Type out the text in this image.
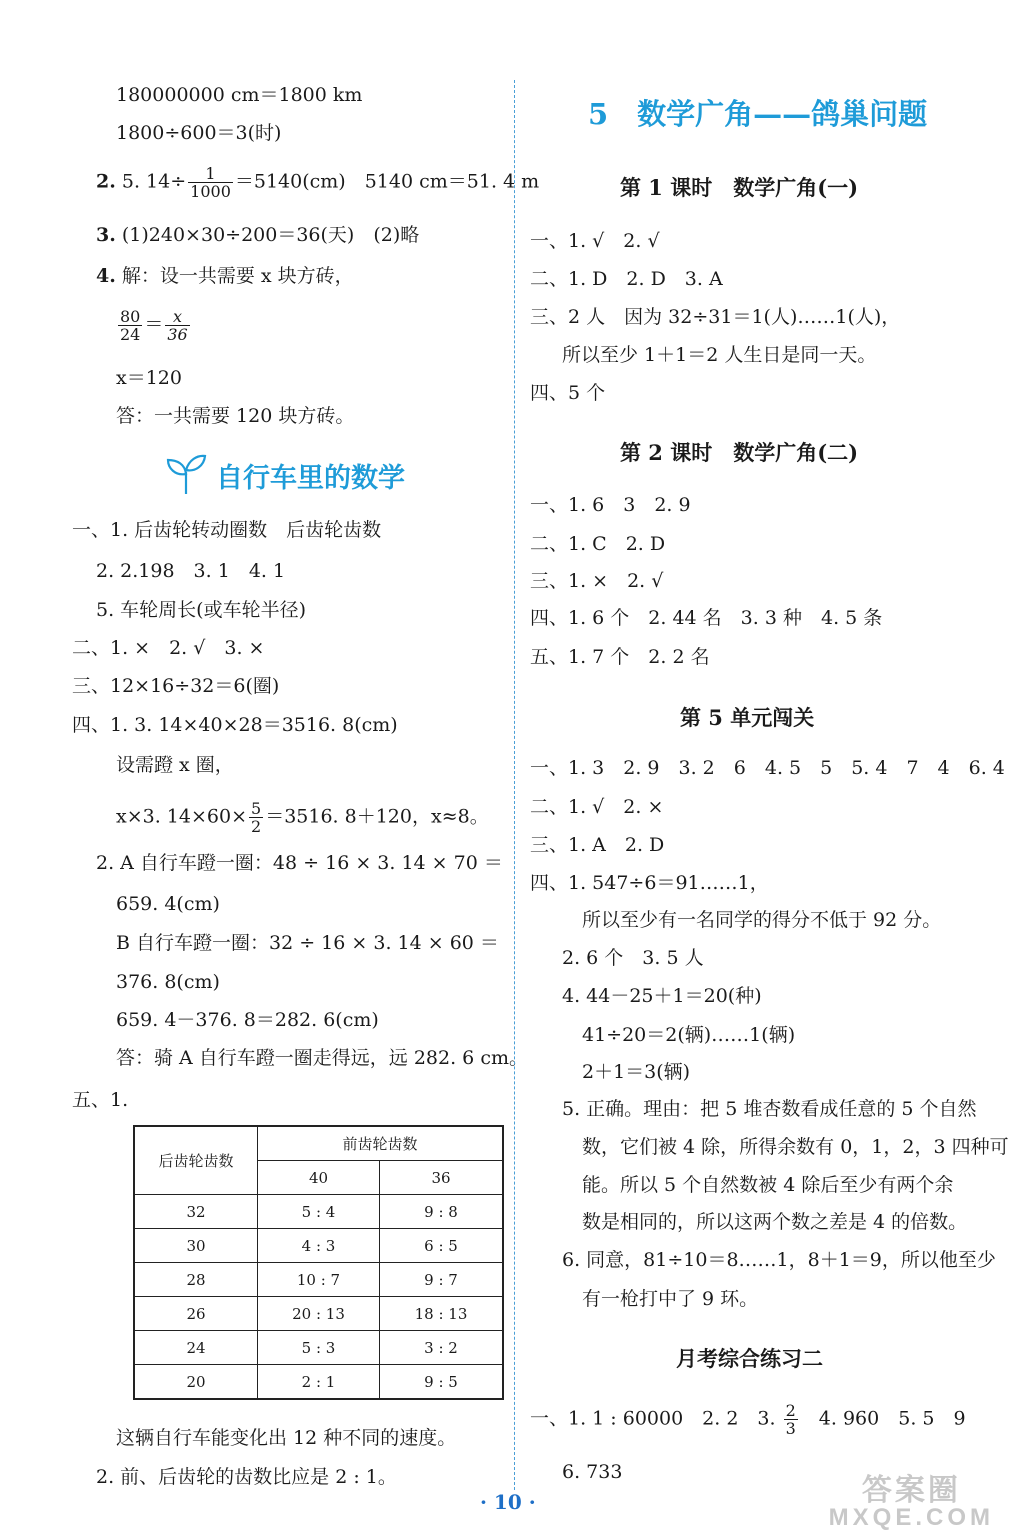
180000000 cm＝1800 km
1800÷600＝3(时)
2. 5. $14\div \frac{1}{1000} =5140(cm)$　5140 cm＝51. 4 m
3. (1)240×30÷200＝36(天)　(2)略
4. 解：设一共需要 x 块方砖，
$\frac{80}{24} = \frac{x}{36}$
x＝120
答：一共需要 120 块方砖。
自行车里的数学
一、1. 后齿轮转动圈数　后齿轮齿数
2. 2.198　3. 1　4. 1
5. 车轮周长(或车轮半径)
二、1. ×　2. √　3. ×
三、12×16÷32＝6(圈)
四、1. 3. 14×40×28＝3516. 8(cm)
设需蹬 x 圈，
x×3. $14\times 60\times \frac{5}{2} =3516$. 8＋120，x≈8。
2. A 自行车蹬一圈：48 ÷ 16 × 3. 14 × 70 ＝
659. 4(cm)
B 自行车蹬一圈：32 ÷ 16 × 3. 14 × 60 ＝
376. 8(cm)
659. 4－376. 8＝282. 6(cm)
答：骑 A 自行车蹬一圈走得远，远 282. 6 cm。
五、1.
后齿轮齿数	前齿轮齿数	
	40	36
32	5 : 4	9 : 8
30	4 : 3	6 : 5
28	10 : 7	9 : 7
26	20 : 13	18 : 13
24	5 : 3	3 : 2
20	2 : 1	9 : 5
这辆自行车能变化出 12 种不同的速度。
2. 前、后齿轮的齿数比应是 2 : 1。
5　数学广角——鸽巢问题
第 1 课时　数学广角(一)
一、1. √　2. √
二、1. D　2. D　3. A
三、2 人　因为 32÷31＝1(人)……1(人)，
所以至少 1＋1＝2 人生日是同一天。
四、5 个
第 2 课时　数学广角(二)
一、1. 6　3　2. 9
二、1. C　2. D
三、1. ×　2. √
四、1. 6 个　2. 44 名　3. 3 种　4. 5 条
五、1. 7 个　2. 2 名
第 5 单元闯关
一、1. 3　2. 9　3. 2　6　4. 5　5　5. 4　7　4　6. 4
二、1. √　2. ×
三、1. A　2. D
四、1. 547÷6＝91……1，
所以至少有一名同学的得分不低于 92 分。
2. 6 个　3. 5 人
4. 44－25＋1＝20(种)
41÷20＝2(辆)……1(辆)
2＋1＝3(辆)
5. 正确。理由：把 5 堆杏数看成任意的 5 个自然
数，它们被 4 除，所得余数有 0，1，2，3 四种可
能。所以 5 个自然数被 4 除后至少有两个余
数是相同的，所以这两个数之差是 4 的倍数。
6. 同意，81÷10＝8……1，8＋1＝9，所以他至少
有一枪打中了 9 环。
月考综合练习二
一、1. 1 : 60000　2. 2　3. $\frac{2}{3}$ 　4. 960　5. 5　9
6. 733
· 10 ·	答案圈
MXQE.COM
